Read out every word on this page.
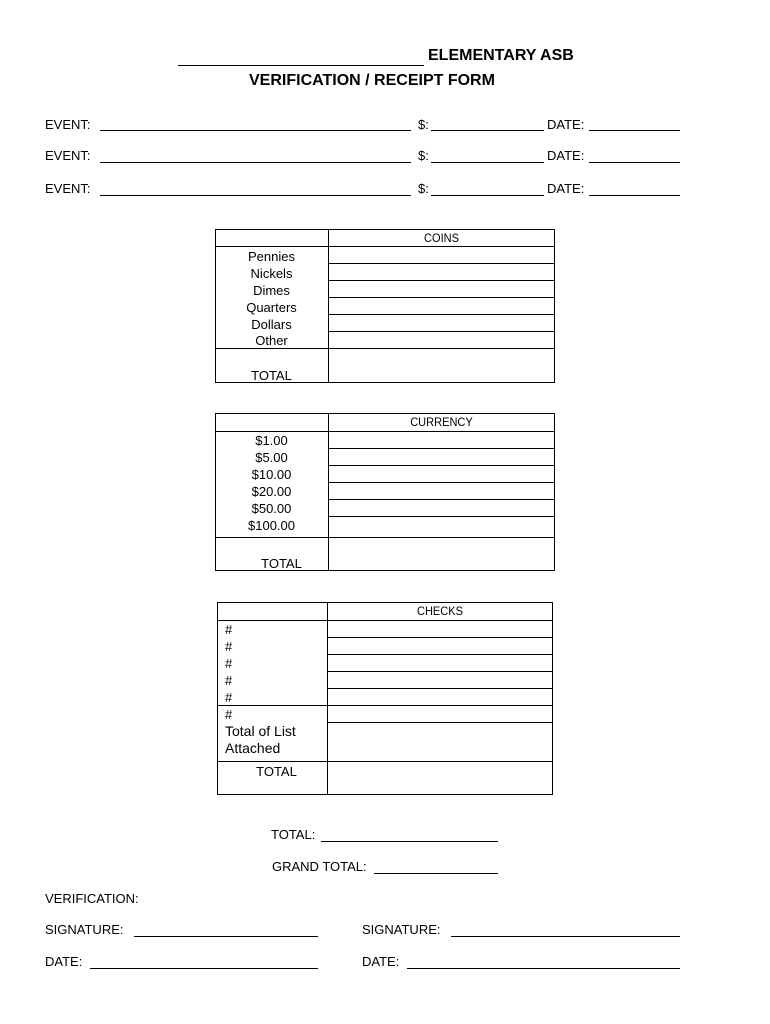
ELEMENTARY ASB
VERIFICATION / RECEIPT FORM
EVENT:	$:	DATE:
EVENT:	$:	DATE:
EVENT:	$:	DATE:
COINS
Pennies
Nickels
Dimes
Quarters
Dollars
Other
TOTAL
CURRENCY
$1.00
$5.00
$10.00
$20.00
$50.00
$100.00
TOTAL
CHECKS
#
#
#
#
#
#
Total of List
Attached
TOTAL
TOTAL:
GRAND TOTAL:
VERIFICATION:
SIGNATURE:	SIGNATURE:
DATE:	DATE:
